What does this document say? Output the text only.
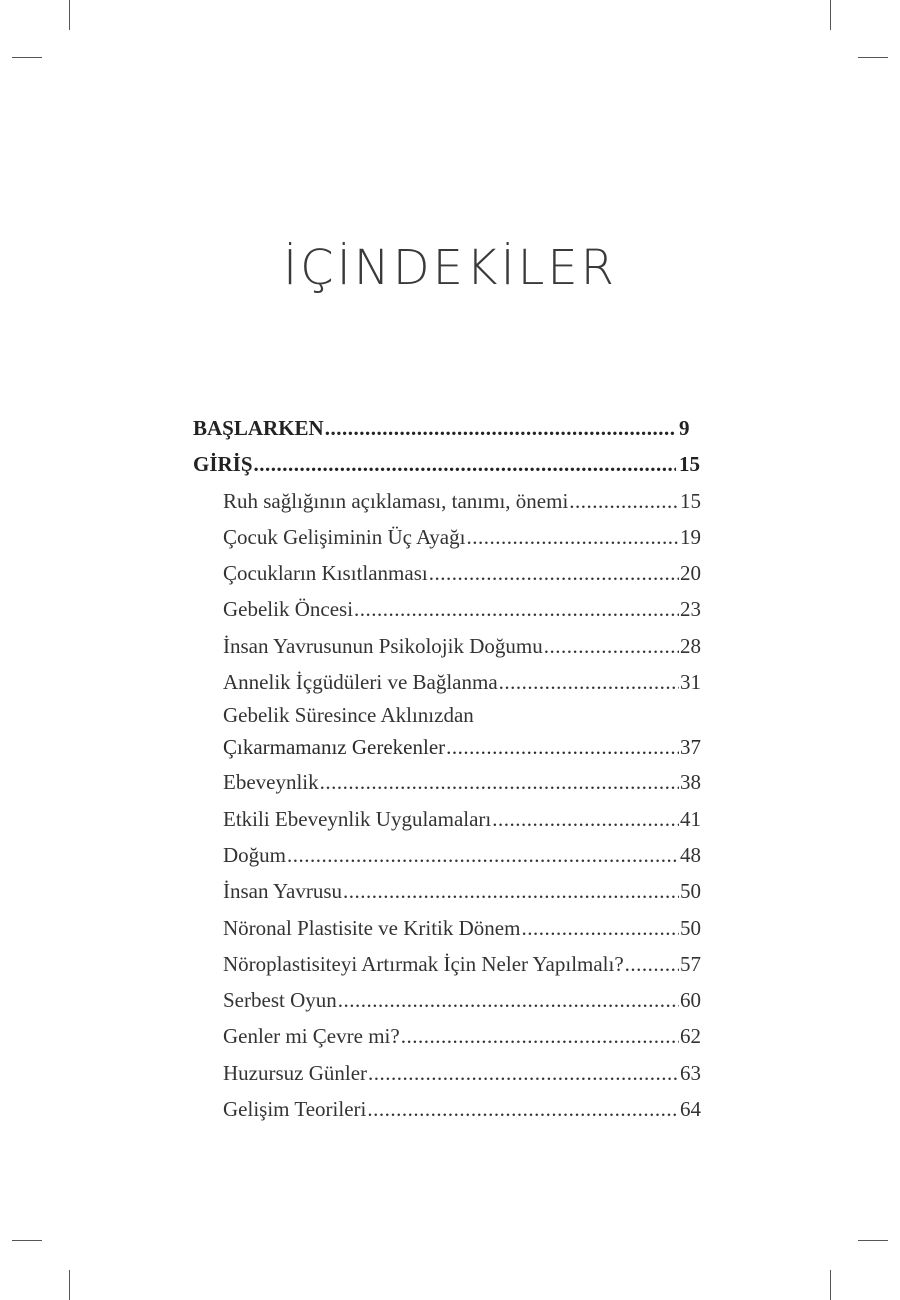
İÇİNDEKİLER
BAŞLARKEN .....	9
GİRİŞ .....	15
Ruh sağlığının açıklaması, tanımı, önemi .....	15
Çocuk Gelişiminin Üç Ayağı .....	19
Çocukların Kısıtlanması .....	20
Gebelik Öncesi .....	23
İnsan Yavrusunun Psikolojik Doğumu .....	28
Annelik İçgüdüleri ve Bağlanma .....	31
Gebelik Süresince Aklınızdan
Çıkarmamanız Gerekenler .....	37
Ebeveynlik .....	38
Etkili Ebeveynlik Uygulamaları .....	41
Doğum .....	48
İnsan Yavrusu .....	50
Nöronal Plastisite ve Kritik Dönem .....	50
Nöroplastisiteyi Artırmak İçin Neler Yapılmalı? .....	57
Serbest Oyun .....	60
Genler mi Çevre mi? .....	62
Huzursuz Günler .....	63
Gelişim Teorileri .....	64
